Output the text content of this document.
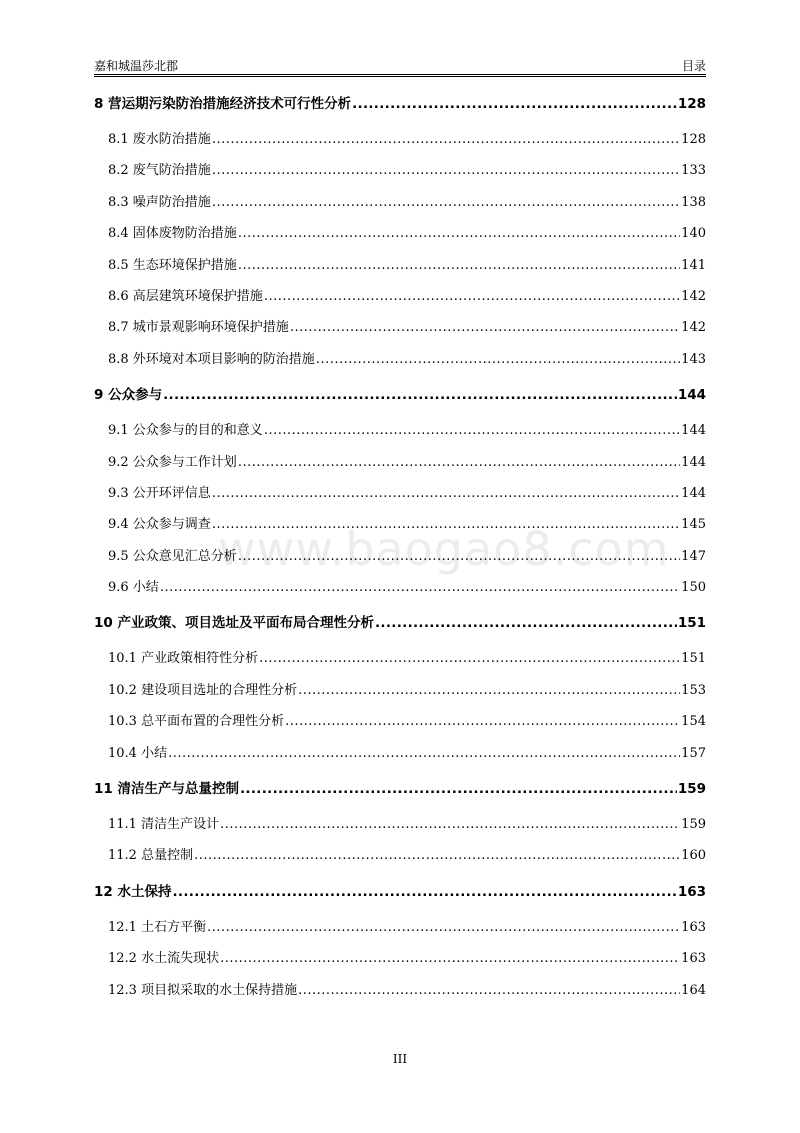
嘉和城温莎北郡	目录
www.baogao8.com
8 营运期污染防治措施经济技术可行性分析 .....	128
8.1 废水防治措施 .....	128
8.2 废气防治措施 .....	133
8.3 噪声防治措施 .....	138
8.4 固体废物防治措施 .....	140
8.5 生态环境保护措施 .....	141
8.6 高层建筑环境保护措施 .....	142
8.7 城市景观影响环境保护措施 .....	142
8.8 外环境对本项目影响的防治措施 .....	143
9 公众参与 .....	144
9.1 公众参与的目的和意义 .....	144
9.2 公众参与工作计划 .....	144
9.3 公开环评信息 .....	144
9.4 公众参与调查 .....	145
9.5 公众意见汇总分析 .....	147
9.6 小结 .....	150
10 产业政策、项目选址及平面布局合理性分析 .....	151
10.1 产业政策相符性分析 .....	151
10.2 建设项目选址的合理性分析 .....	153
10.3 总平面布置的合理性分析 .....	154
10.4 小结 .....	157
11 清洁生产与总量控制 .....	159
11.1 清洁生产设计 .....	159
11.2 总量控制 .....	160
12 水土保持 .....	163
12.1 土石方平衡 .....	163
12.2 水土流失现状 .....	163
12.3 项目拟采取的水土保持措施 .....	164
III
